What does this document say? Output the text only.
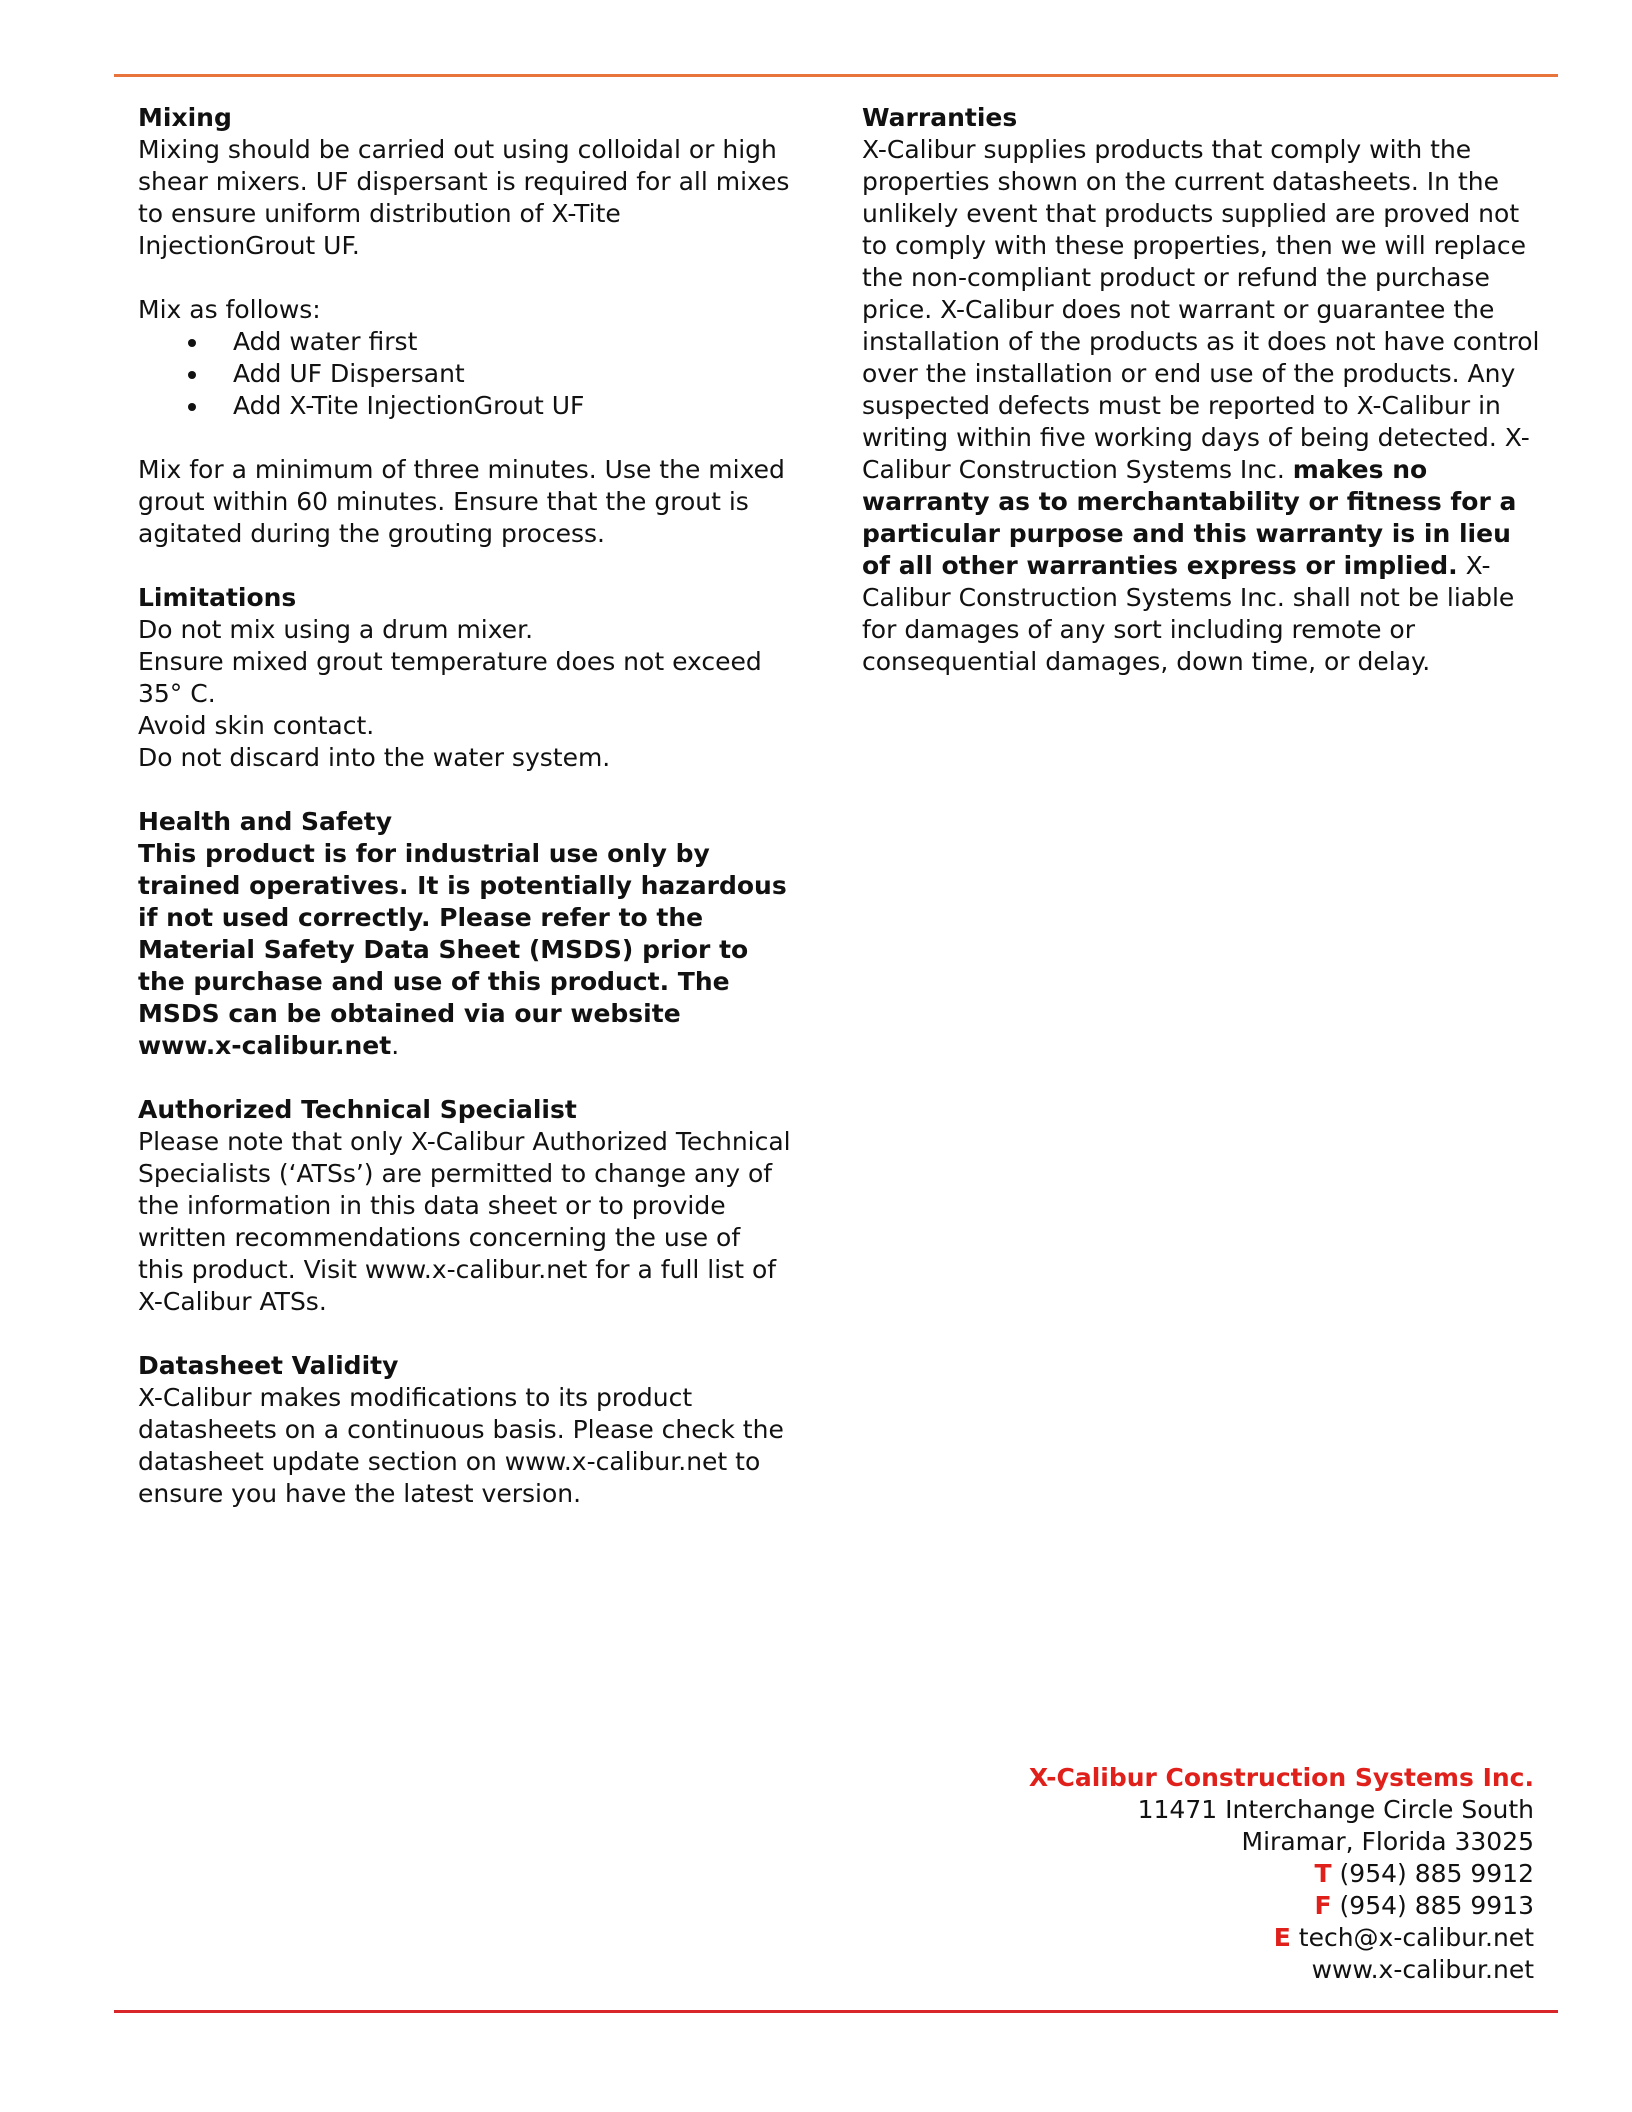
Mixing
Mixing should be carried out using colloidal or high shear mixers. UF dispersant is required for all mixes to ensure uniform distribution of X-Tite InjectionGrout UF.
Mix as follows:
Add water first
Add UF Dispersant
Add X-Tite InjectionGrout UF
Mix for a minimum of three minutes. Use the mixed grout within 60 minutes. Ensure that the grout is agitated during the grouting process.
Limitations
Do not mix using a drum mixer.
Ensure mixed grout temperature does not exceed 35° C.
Avoid skin contact.
Do not discard into the water system.
Health and Safety
This product is for industrial use only by trained operatives. It is potentially hazardous if not used correctly. Please refer to the Material Safety Data Sheet (MSDS) prior to the purchase and use of this product. The MSDS can be obtained via our website www.x-calibur.net.
Authorized Technical Specialist
Please note that only X-Calibur Authorized Technical Specialists (‘ATSs’) are permitted to change any of the information in this data sheet or to provide written recommendations concerning the use of this product. Visit www.x-calibur.net for a full list of X-Calibur ATSs.
Datasheet Validity
X-Calibur makes modifications to its product datasheets on a continuous basis. Please check the datasheet update section on www.x-calibur.net to ensure you have the latest version.
Warranties
X-Calibur supplies products that comply with the properties shown on the current datasheets. In the unlikely event that products supplied are proved not to comply with these properties, then we will replace the non-compliant product or refund the purchase price. X-Calibur does not warrant or guarantee the installation of the products as it does not have control over the installation or end use of the products. Any suspected defects must be reported to X-Calibur in writing within five working days of being detected. X-Calibur Construction Systems Inc. makes no warranty as to merchantability or fitness for a particular purpose and this warranty is in lieu of all other warranties express or implied. X-Calibur Construction Systems Inc. shall not be liable for damages of any sort including remote or consequential damages, down time, or delay.
X-Calibur Construction Systems Inc.
11471 Interchange Circle South
Miramar, Florida 33025
T (954) 885 9912
F (954) 885 9913
E tech@x-calibur.net
www.x-calibur.net
